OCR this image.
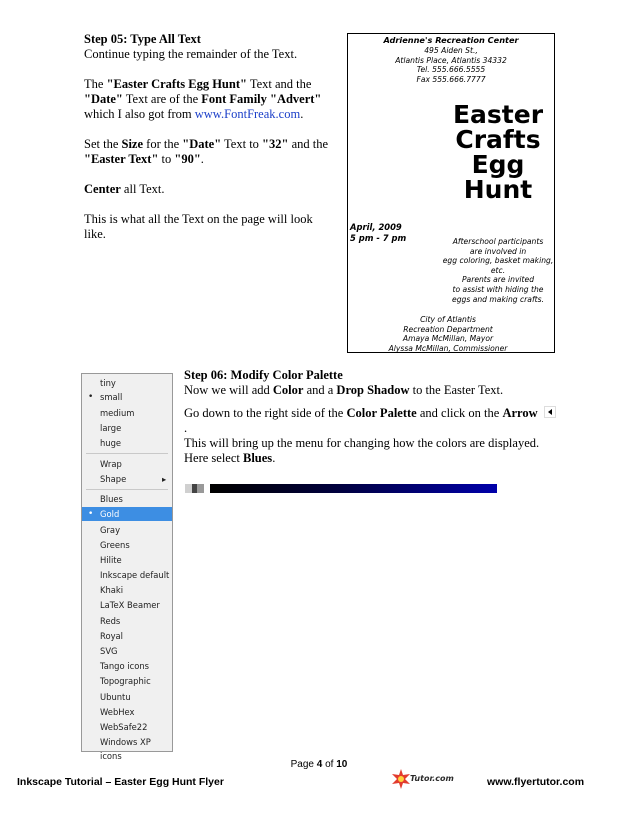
Step 05: Type All Text
Continue typing the remainder of the Text.
The "Easter Crafts Egg Hunt" Text and the
"Date" Text are of the Font Family "Advert"
which I also got from www.FontFreak.com.
Set the Size for the "Date" Text to "32" and the
"Easter Text" to "90".
Center all Text.
This is what all the Text on the page will look
like.
Adrienne's Recreation Center
495 Aiden St.,
Atlantis Place, Atlantis 34332
Tel. 555.666.5555
Fax 555.666.7777
Easter
Crafts
Egg
Hunt
April, 2009
5 pm - 7 pm	Afterschool participants
are involved in
egg coloring, basket making, etc.
Parents are invited
to assist with hiding the
eggs and making crafts.
City of Atlantis
Recreation Department
Amaya McMillan, Mayor
Alyssa McMillan, Commissioner
tiny
• small
medium
large
huge
Wrap
Shape	▸
Blues
• Gold
Gray
Greens
Hilite
Inkscape default
Khaki
LaTeX Beamer
Reds
Royal
SVG
Tango icons
Topographic
Ubuntu
WebHex
WebSafe22
Windows XP icons
Step 06: Modify Color Palette
Now we will add Color and a Drop Shadow to the Easter Text.
Go down to the right side of the Color Palette and click on the Arrow
.
This will bring up the menu for changing how the colors are displayed.
Here select Blues.
Page 4 of 10
Inkscape Tutorial – Easter Egg Hunt Flyer	Tutor.com	www.flyertutor.com
